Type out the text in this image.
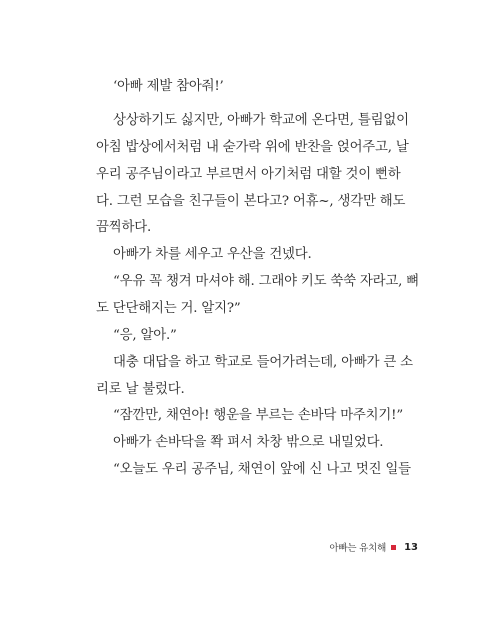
‘아빠 제발 참아줘!’
상상하기도 싫지만, 아빠가 학교에 온다면, 틀림없이
아침 밥상에서처럼 내 숟가락 위에 반찬을 얹어주고, 날
우리 공주님이라고 부르면서 아기처럼 대할 것이 뻔하
다. 그런 모습을 친구들이 본다고? 어휴~, 생각만 해도
끔찍하다.
아빠가 차를 세우고 우산을 건넸다.
“우유 꼭 챙겨 마셔야 해. 그래야 키도 쑥쑥 자라고, 뼈
도 단단해지는 거. 알지?”
“응, 알아.”
대충 대답을 하고 학교로 들어가려는데, 아빠가 큰 소
리로 날 불렀다.
“잠깐만, 채연아! 행운을 부르는 손바닥 마주치기!”
아빠가 손바닥을 쫙 펴서 차창 밖으로 내밀었다.
“오늘도 우리 공주님, 채연이 앞에 신 나고 멋진 일들
아빠는 유치해 13
